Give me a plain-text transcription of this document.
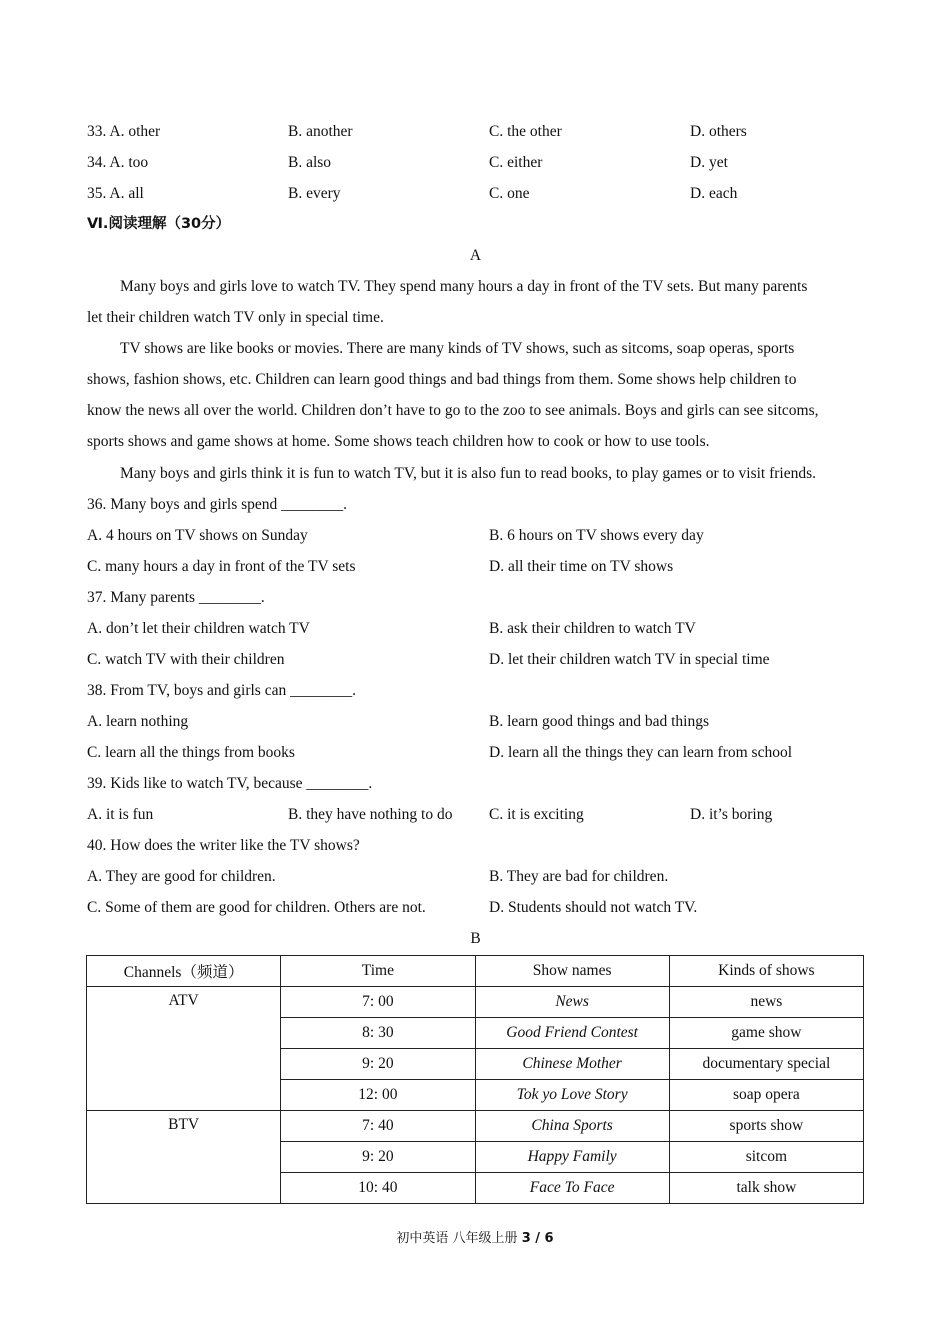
33. A. other	B. another	C. the other	D. others
34. A. too	B. also	C. either	D. yet
35. A. all	B. every	C. one	D. each
Ⅵ.阅读理解（30分）
A
Many boys and girls love to watch TV. They spend many hours a day in front of the TV sets. But many parents
let their children watch TV only in special time.
TV shows are like books or movies. There are many kinds of TV shows, such as sitcoms, soap operas, sports
shows, fashion shows, etc. Children can learn good things and bad things from them. Some shows help children to
know the news all over the world. Children don’t have to go to the zoo to see animals. Boys and girls can see sitcoms,
sports shows and game shows at home. Some shows teach children how to cook or how to use tools.
Many boys and girls think it is fun to watch TV, but it is also fun to read books, to play games or to visit friends.
36. Many boys and girls spend ________.
A. 4 hours on TV shows on Sunday	B. 6 hours on TV shows every day
C. many hours a day in front of the TV sets	D. all their time on TV shows
37. Many parents ________.
A. don’t let their children watch TV	B. ask their children to watch TV
C. watch TV with their children	D. let their children watch TV in special time
38. From TV, boys and girls can ________.
A. learn nothing	B. learn good things and bad things
C. learn all the things from books	D. learn all the things they can learn from school
39. Kids like to watch TV, because ________.
A. it is fun	B. they have nothing to do C. it is exciting	D. it’s boring
40. How does the writer like the TV shows?
A. They are good for children.	B. They are bad for children.
C. Some of them are good for children. Others are not.	D. Students should not watch TV.
B
Channels（频道）	Time	Show names	Kinds of shows
ATV	7: 00	News	news
	8: 30	Good Friend Contest	game show
	9: 20	Chinese Mother	documentary special
	12: 00	Tok yo Love Story	soap opera
BTV	7: 40	China Sports	sports show
	9: 20	Happy Family	sitcom
	10: 40	Face To Face	talk show
初中英语 八年级上册 3 / 6
